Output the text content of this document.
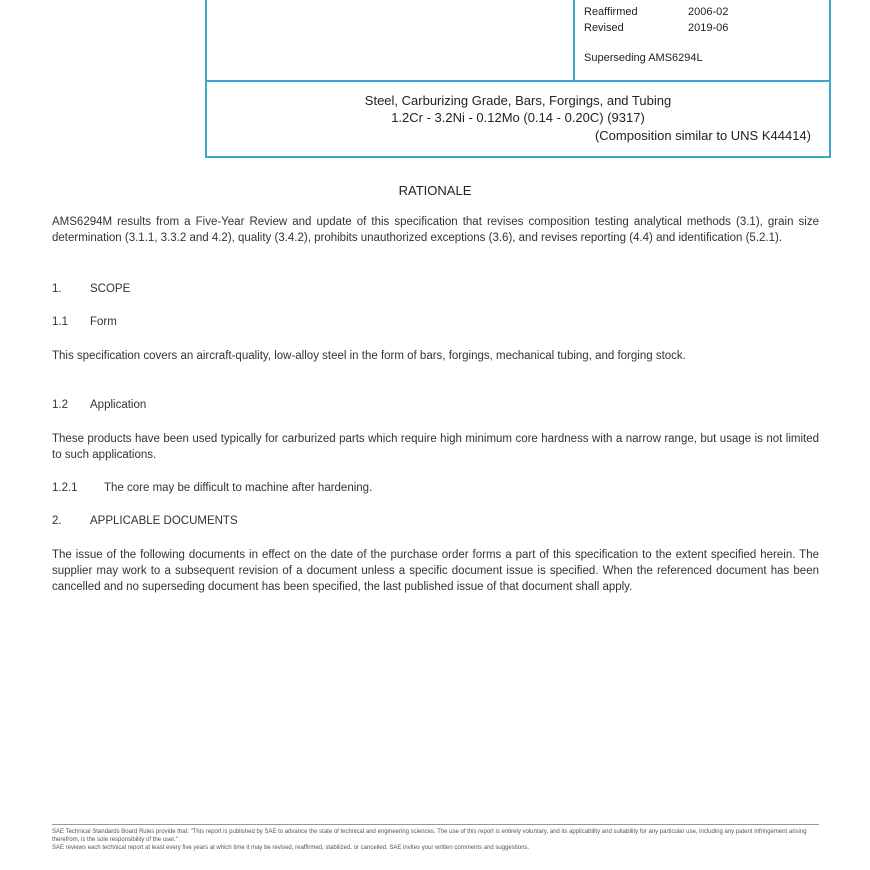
Reaffirmed	2006-02
Revised	2019-06
Superseding AMS6294L
Steel, Carburizing Grade, Bars, Forgings, and Tubing
1.2Cr - 3.2Ni - 0.12Mo (0.14 - 0.20C) (9317)
(Composition similar to UNS K44414)
RATIONALE
AMS6294M results from a Five-Year Review and update of this specification that revises composition testing analytical methods (3.1), grain size determination (3.1.1, 3.3.2 and 4.2), quality (3.4.2), prohibits unauthorized exceptions (3.6), and revises reporting (4.4) and identification (5.2.1).
1. SCOPE
1.1 Form
This specification covers an aircraft-quality, low-alloy steel in the form of bars, forgings, mechanical tubing, and forging stock.
1.2 Application
These products have been used typically for carburized parts which require high minimum core hardness with a narrow range, but usage is not limited to such applications.
1.2.1 The core may be difficult to machine after hardening.
2. APPLICABLE DOCUMENTS
The issue of the following documents in effect on the date of the purchase order forms a part of this specification to the extent specified herein. The supplier may work to a subsequent revision of a document unless a specific document issue is specified. When the referenced document has been cancelled and no superseding document has been specified, the last published issue of that document shall apply.
SAE Technical Standards Board Rules provide that: "This report is published by SAE to advance the state of technical and engineering sciences. The use of this report is entirely voluntary, and its applicability and suitability for any particular use, including any patent infringement arising therefrom, is the sole responsibility of the user."
SAE reviews each technical report at least every five years at which time it may be revised, reaffirmed, stabilized, or cancelled. SAE invites your written comments and suggestions.
